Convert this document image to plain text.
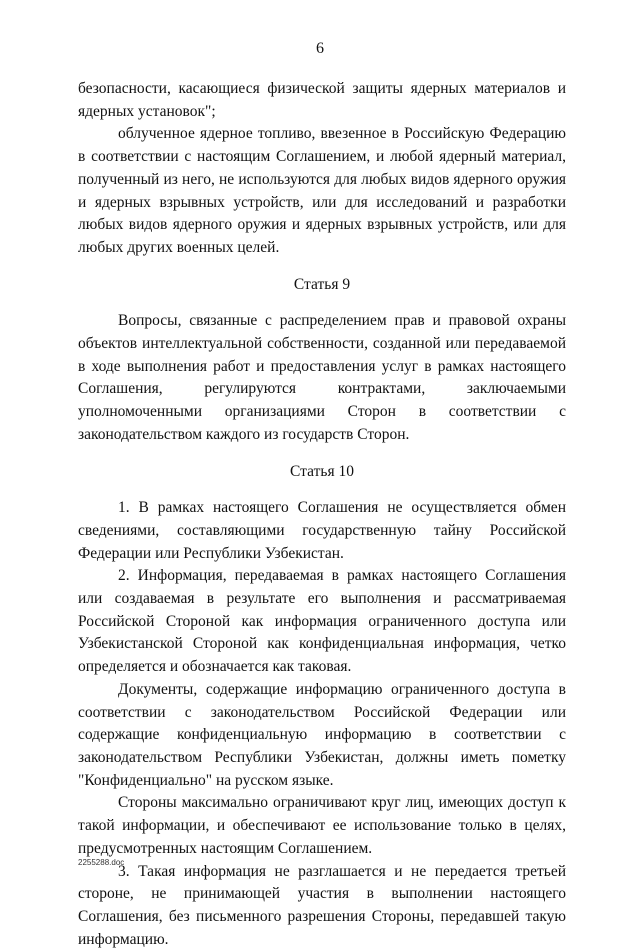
6

безопасности, касающиеся физической защиты ядерных материалов и ядерных установок";

облученное ядерное топливо, ввезенное в Российскую Федерацию в соответствии с настоящим Соглашением, и любой ядерный материал, полученный из него, не используются для любых видов ядерного оружия и ядерных взрывных устройств, или для исследований и разработки любых видов ядерного оружия и ядерных взрывных устройств, или для любых других военных целей.

Статья 9

Вопросы, связанные с распределением прав и правовой охраны объектов интеллектуальной собственности, созданной или передаваемой в ходе выполнения работ и предоставления услуг в рамках настоящего Соглашения, регулируются контрактами, заключаемыми уполномоченными организациями Сторон в соответствии с законодательством каждого из государств Сторон.

Статья 10

1. В рамках настоящего Соглашения не осуществляется обмен сведениями, составляющими государственную тайну Российской Федерации или Республики Узбекистан.

2. Информация, передаваемая в рамках настоящего Соглашения или создаваемая в результате его выполнения и рассматриваемая Российской Стороной как информация ограниченного доступа или Узбекистанской Стороной как конфиденциальная информация, четко определяется и обозначается как таковая.

Документы, содержащие информацию ограниченного доступа в соответствии с законодательством Российской Федерации или содержащие конфиденциальную информацию в соответствии с законодательством Республики Узбекистан, должны иметь пометку "Конфиденциально" на русском языке.

Стороны максимально ограничивают круг лиц, имеющих доступ к такой информации, и обеспечивают ее использование только в целях, предусмотренных настоящим Соглашением.

3. Такая информация не разглашается и не передается третьей стороне, не принимающей участия в выполнении настоящего Соглашения, без письменного разрешения Стороны, передавшей такую информацию.

2255288.doc
